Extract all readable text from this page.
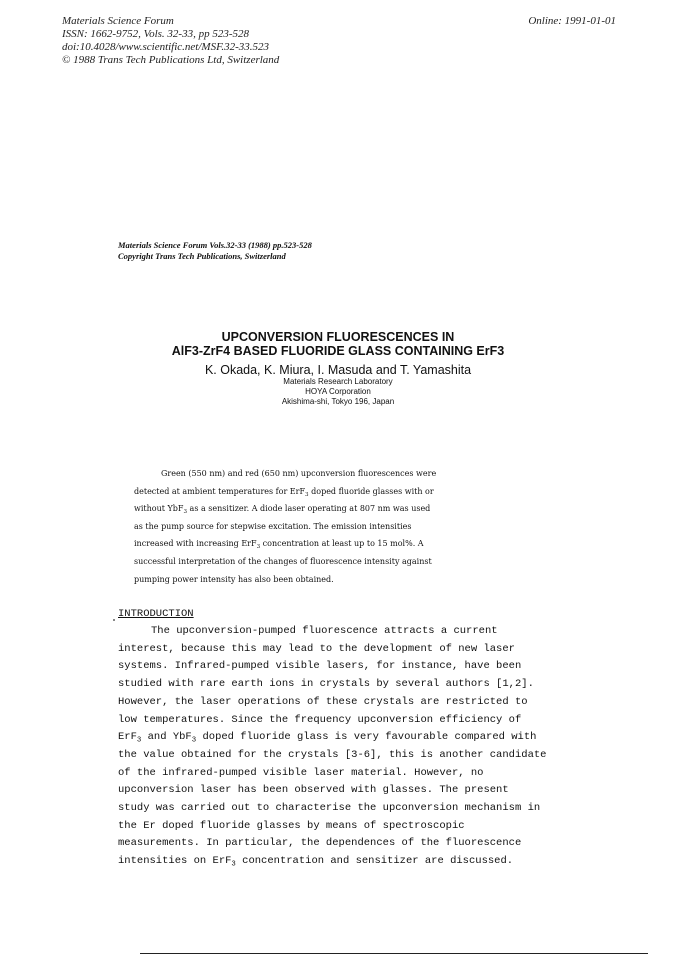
Materials Science Forum
ISSN: 1662-9752, Vols. 32-33, pp 523-528
doi:10.4028/www.scientific.net/MSF.32-33.523
© 1988 Trans Tech Publications Ltd, Switzerland
Online: 1991-01-01
Materials Science Forum Vols.32-33 (1988) pp.523-528
Copyright Trans Tech Publications, Switzerland
UPCONVERSION FLUORESCENCES IN
AlF3-ZrF4 BASED FLUORIDE GLASS CONTAINING ErF3
K. Okada, K. Miura, I. Masuda and T. Yamashita
Materials Research Laboratory
HOYA Corporation
Akishima-shi, Tokyo 196, Japan
Green (550 nm) and red (650 nm) upconversion fluorescences were
detected at ambient temperatures for ErF$_3$ doped fluoride glasses with or
without YbF$_3$ as a sensitizer. A diode laser operating at 807 nm was used
as the pump source for stepwise excitation. The emission intensities
increased with increasing ErF$_3$ concentration at least up to 15 mol%. A
successful interpretation of the changes of fluorescence intensity against
pumping power intensity has also been obtained.
INTRODUCTION
The upconversion-pumped fluorescence attracts a current
interest, because this may lead to the development of new laser
systems. Infrared-pumped visible lasers, for instance, have been
studied with rare earth ions in crystals by several authors [1,2].
However, the laser operations of these crystals are restricted to
low temperatures. Since the frequency upconversion efficiency of
ErF$_3$ and YbF$_3$ doped fluoride glass is very favourable compared with
the value obtained for the crystals [3-6], this is another candidate
of the infrared-pumped visible laser material. However, no
upconversion laser has been observed with glasses. The present
study was carried out to characterise the upconversion mechanism in
the Er doped fluoride glasses by means of spectroscopic
measurements. In particular, the dependences of the fluorescence
intensities on ErF$_3$ concentration and sensitizer are discussed.
